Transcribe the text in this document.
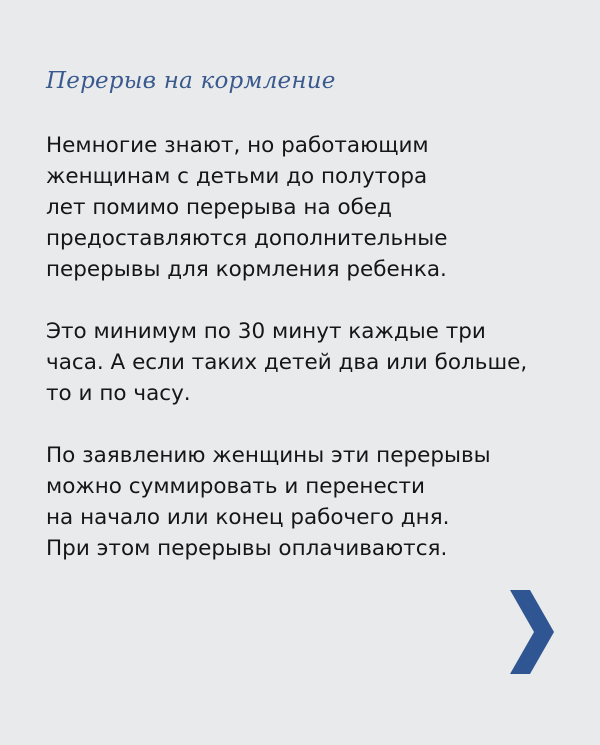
Перерыв на кормление

Немногие знают, но работающим
женщинам с детьми до полутора
лет помимо перерыва на обед
предоставляются дополнительные
перерывы для кормления ребенка.

Это минимум по 30 минут каждые три
часа. А если таких детей два или больше,
то и по часу.

По заявлению женщины эти перерывы
можно суммировать и перенести
на начало или конец рабочего дня.
При этом перерывы оплачиваются.
